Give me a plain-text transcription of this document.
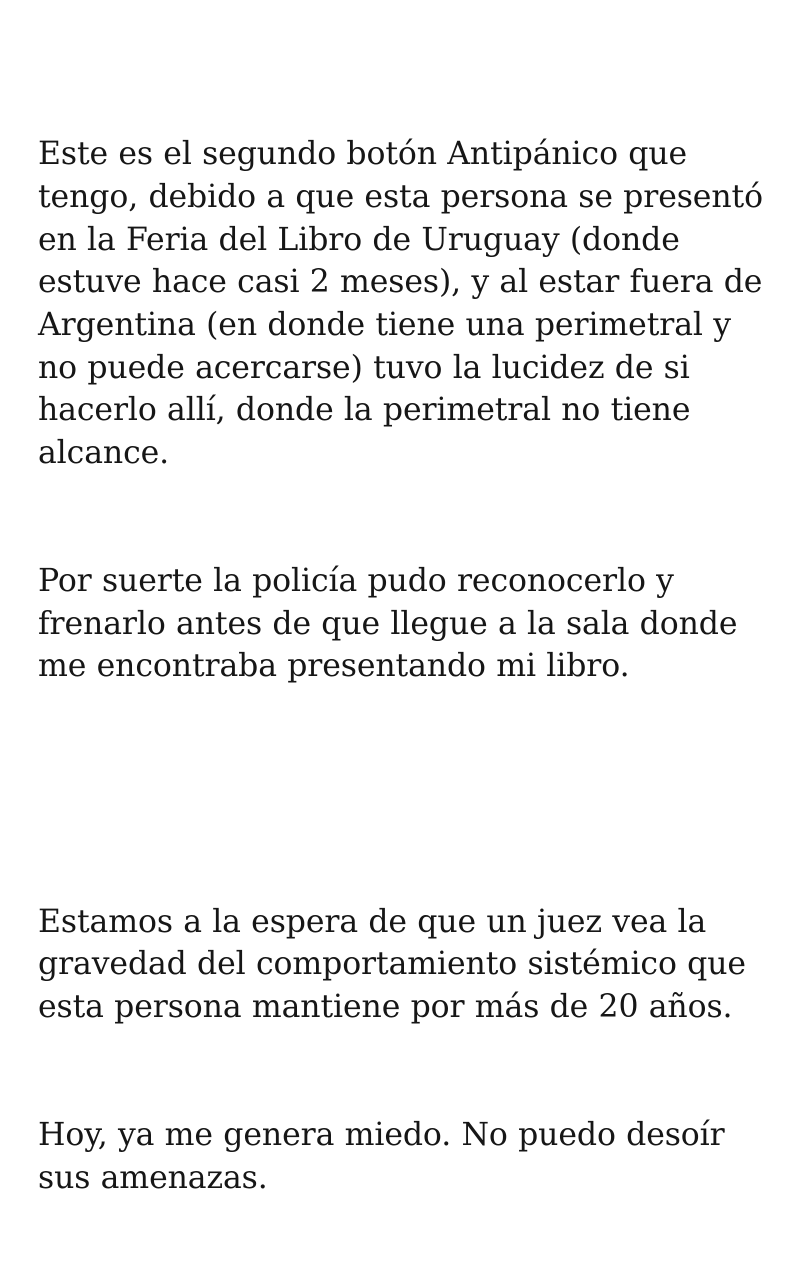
Este es el segundo botón Antipánico que tengo, debido a que esta persona se presentó en la Feria del Libro de Uruguay (donde estuve hace casi 2 meses), y al estar fuera de Argentina (en donde tiene una perimetral y no puede acercarse) tuvo la lucidez de si hacerlo allí, donde la perimetral no tiene alcance.

Por suerte la policía pudo reconocerlo y frenarlo antes de que llegue a la sala donde me encontraba presentando mi libro.

Estamos a la espera de que un juez vea la gravedad del comportamiento sistémico que esta persona mantiene por más de 20 años.

Hoy, ya me genera miedo. No puedo desoír sus amenazas.
